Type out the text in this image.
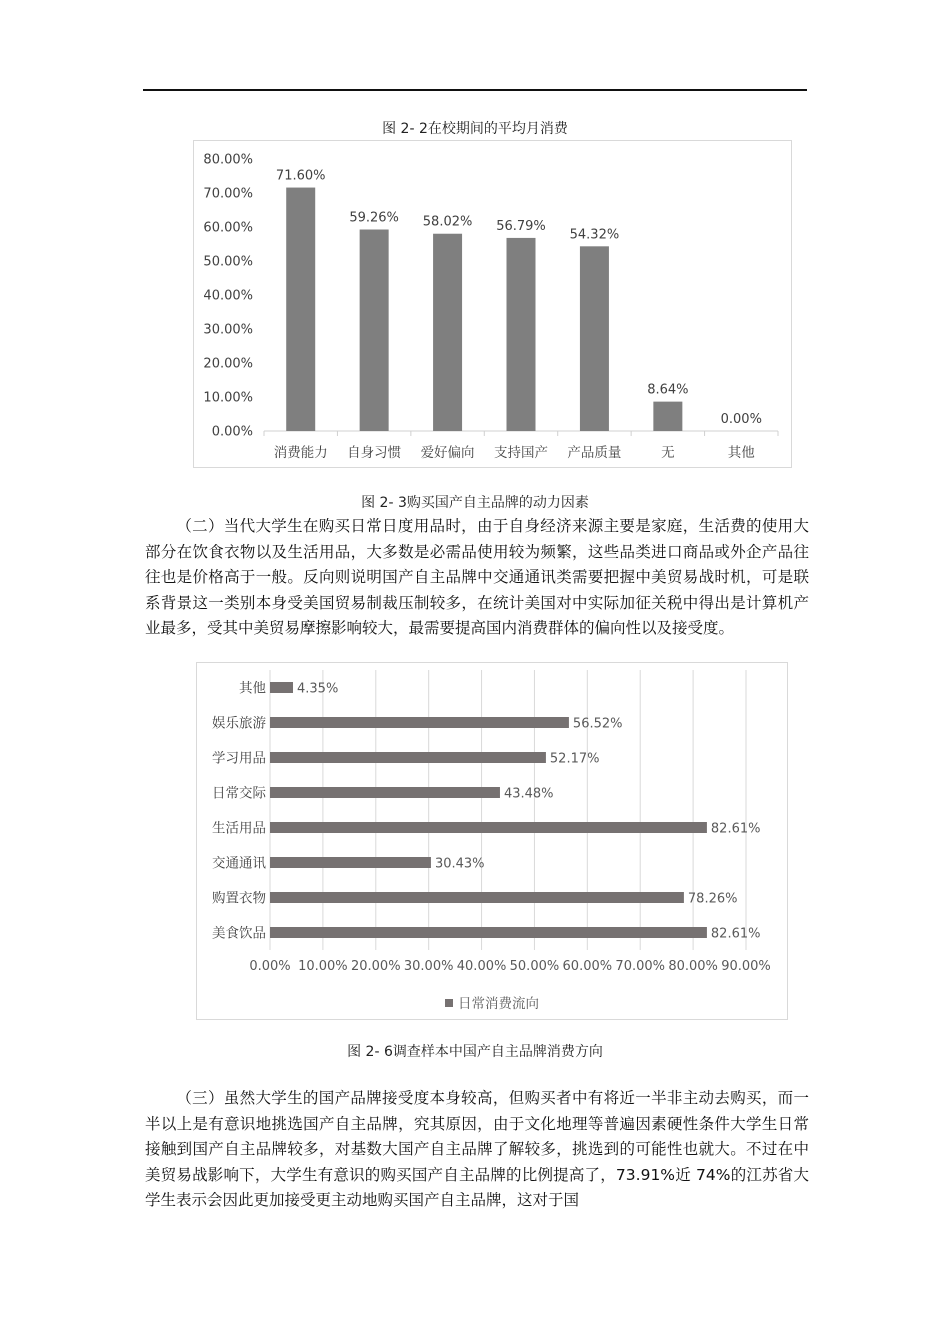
图 2- 2在校期间的平均月消费
0.00%
10.00%
20.00%
30.00%
40.00%
50.00%
60.00%
70.00%
80.00%
71.60%
消费能力
59.26%
自身习惯
58.02%
爱好偏向
56.79%
支持国产
54.32%
产品质量
8.64%
无
0.00%
其他
图 2- 3购买国产自主品牌的动力因素
（二）当代大学生在购买日常日度用品时，由于自身经济来源主要是家庭，生活费的使用大部分在饮食衣物以及生活用品，大多数是必需品使用较为频繁，这些品类进口商品或外企产品往往也是价格高于一般。反向则说明国产自主品牌中交通通讯类需要把握中美贸易战时机，可是联系背景这一类别本身受美国贸易制裁压制较多，在统计美国对中实际加征关税中得出是计算机产业最多，受其中美贸易摩擦影响较大，最需要提高国内消费群体的偏向性以及接受度。
0.00% 10.00% 20.00% 30.00% 40.00% 50.00% 60.00% 70.00% 80.00% 90.00%
其他 4.35%
娱乐旅游	56.52%
学习用品	52.17%
日常交际	43.48%
生活用品	82.61%
交通通讯	30.43%
购置衣物	78.26%
美食饮品	82.61%
日常消费流向
图 2- 6调查样本中国产自主品牌消费方向
（三）虽然大学生的国产品牌接受度本身较高，但购买者中有将近一半非主动去购买，而一半以上是有意识地挑选国产自主品牌，究其原因，由于文化地理等普遍因素硬性条件大学生日常接触到国产自主品牌较多，对基数大国产自主品牌了解较多，挑选到的可能性也就大。不过在中美贸易战影响下，大学生有意识的购买国产自主品牌的比例提高了，73.91%近 74%的江苏省大学生表示会因此更加接受更主动地购买国产自主品牌，这对于国
